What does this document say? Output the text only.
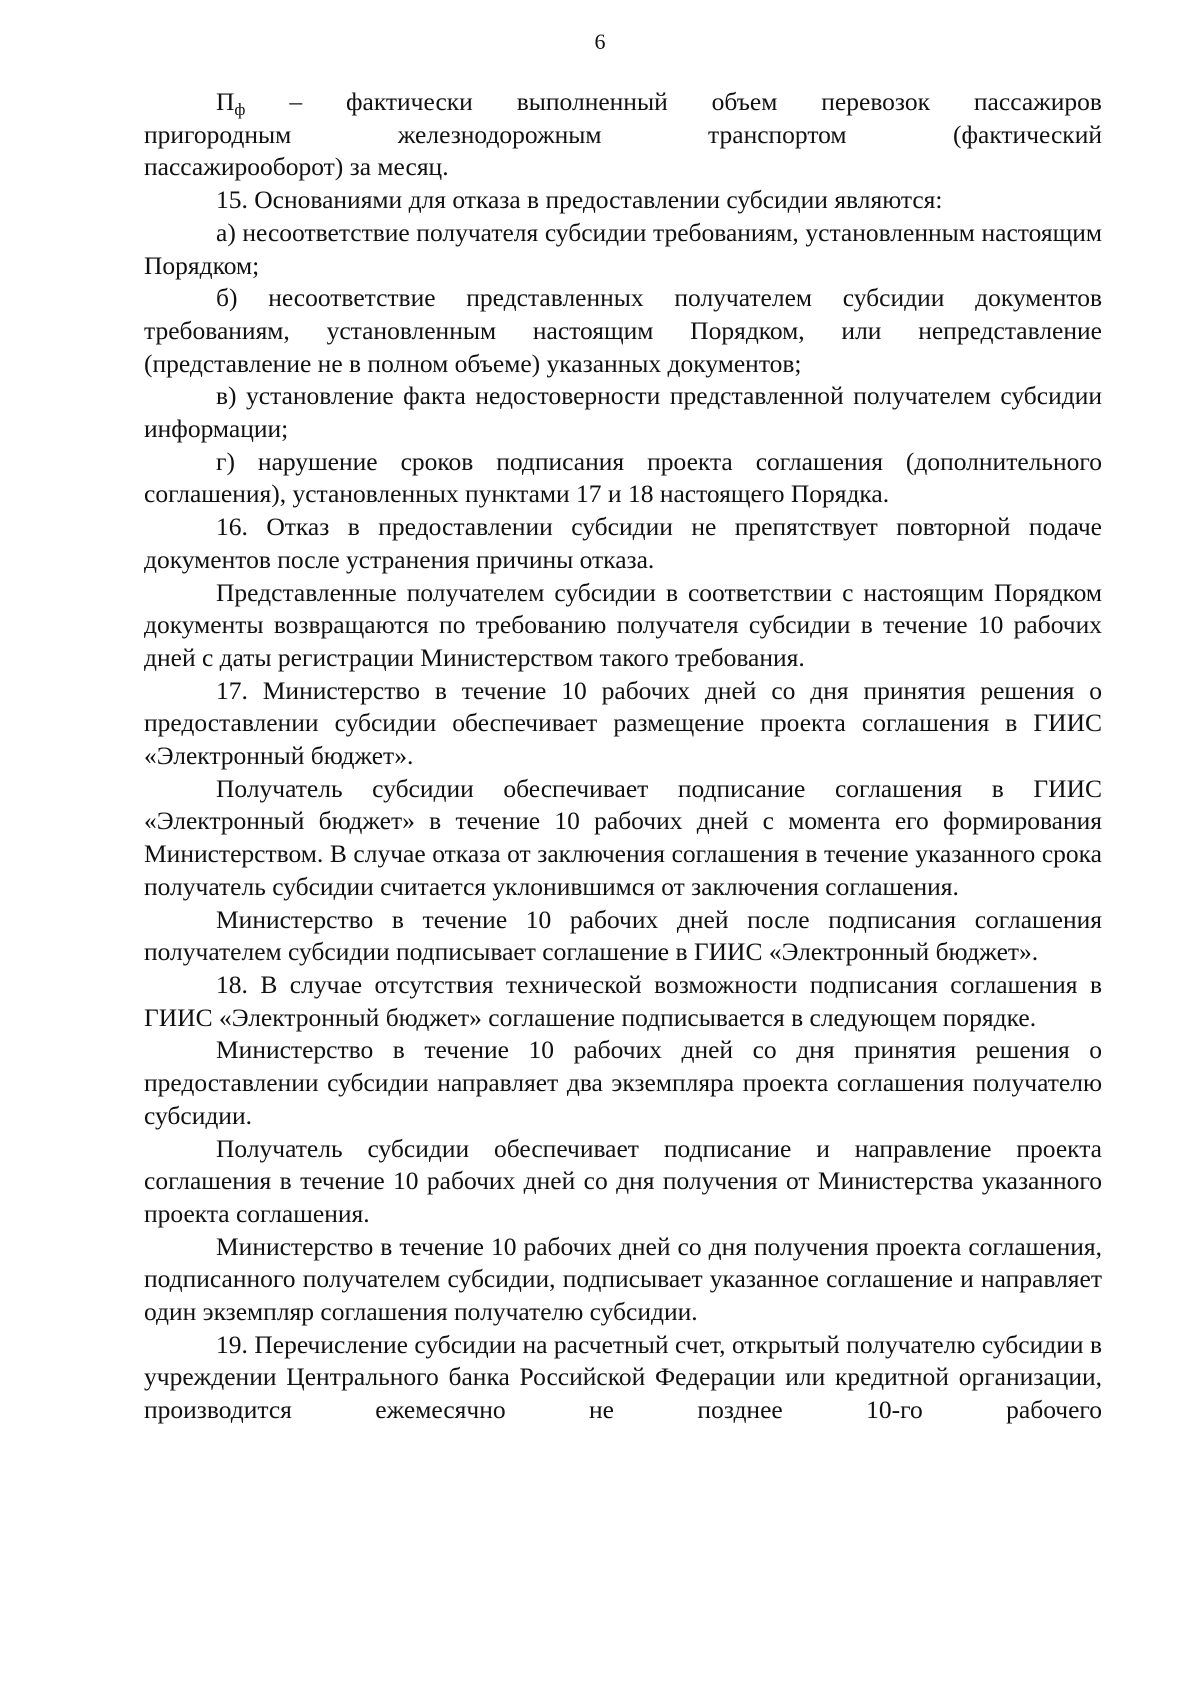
6
$П_ф$ – фактически выполненный объем перевозок пассажиров
пригородным	железнодорожным	транспортом	(фактический

пассажирооборот) за месяц.

15. Основаниями для отказа в предоставлении субсидии являются:

а) несоответствие получателя субсидии требованиям, установленным настоящим Порядком;

б) несоответствие представленных получателем субсидии документов требованиям, установленным настоящим Порядком, или непредставление (представление не в полном объеме) указанных документов;

в) установление факта недостоверности представленной получателем субсидии информации;

г) нарушение сроков подписания проекта соглашения (дополнительного соглашения), установленных пунктами 17 и 18 настоящего Порядка.

16. Отказ в предоставлении субсидии не препятствует повторной подаче документов после устранения причины отказа.

Представленные получателем субсидии в соответствии с настоящим Порядком документы возвращаются по требованию получателя субсидии в течение 10 рабочих дней с даты регистрации Министерством такого требования.

17. Министерство в течение 10 рабочих дней со дня принятия решения о предоставлении субсидии обеспечивает размещение проекта соглашения в ГИИС «Электронный бюджет».

Получатель субсидии обеспечивает подписание соглашения в ГИИС «Электронный бюджет» в течение 10 рабочих дней с момента его формирования Министерством. В случае отказа от заключения соглашения в течение указанного срока получатель субсидии считается уклонившимся от заключения соглашения.

Министерство в течение 10 рабочих дней после подписания соглашения получателем субсидии подписывает соглашение в ГИИС «Электронный бюджет».

18. В случае отсутствия технической возможности подписания соглашения в ГИИС «Электронный бюджет» соглашение подписывается в следующем порядке.

Министерство в течение 10 рабочих дней со дня принятия решения о предоставлении субсидии направляет два экземпляра проекта соглашения получателю субсидии.

Получатель субсидии обеспечивает подписание и направление проекта соглашения в течение 10 рабочих дней со дня получения от Министерства указанного проекта соглашения.

Министерство в течение 10 рабочих дней со дня получения проекта соглашения, подписанного получателем субсидии, подписывает указанное соглашение и направляет один экземпляр соглашения получателю субсидии.

19. Перечисление субсидии на расчетный счет, открытый получателю субсидии в учреждении Центрального банка Российской Федерации или кредитной организации, производится ежемесячно не позднее 10-го рабочего
